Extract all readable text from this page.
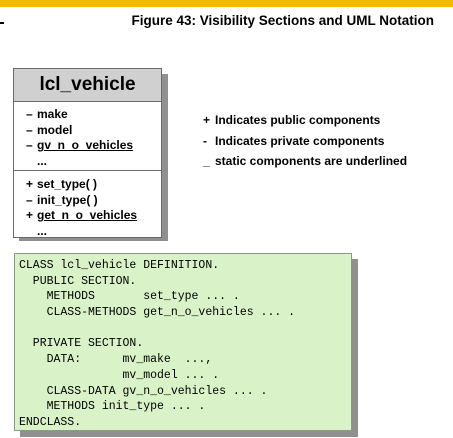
Figure 43: Visibility Sections and UML Notation
lcl_vehicle
– make
– model
– gv_n_o_vehicles
...
+ set_type( )
– init_type( )
+ get_n_o_vehicles
...
+ Indicates public components
- Indicates private components
_ static components are underlined
CLASS lcl_vehicle DEFINITION.
PUBLIC SECTION.
METHODS       set_type ... .
CLASS-METHODS get_n_o_vehicles ... .
PRIVATE SECTION.
DATA:      mv_make  ...,
mv_model ... .
CLASS-DATA gv_n_o_vehicles ... .
METHODS init_type ... .
ENDCLASS.
